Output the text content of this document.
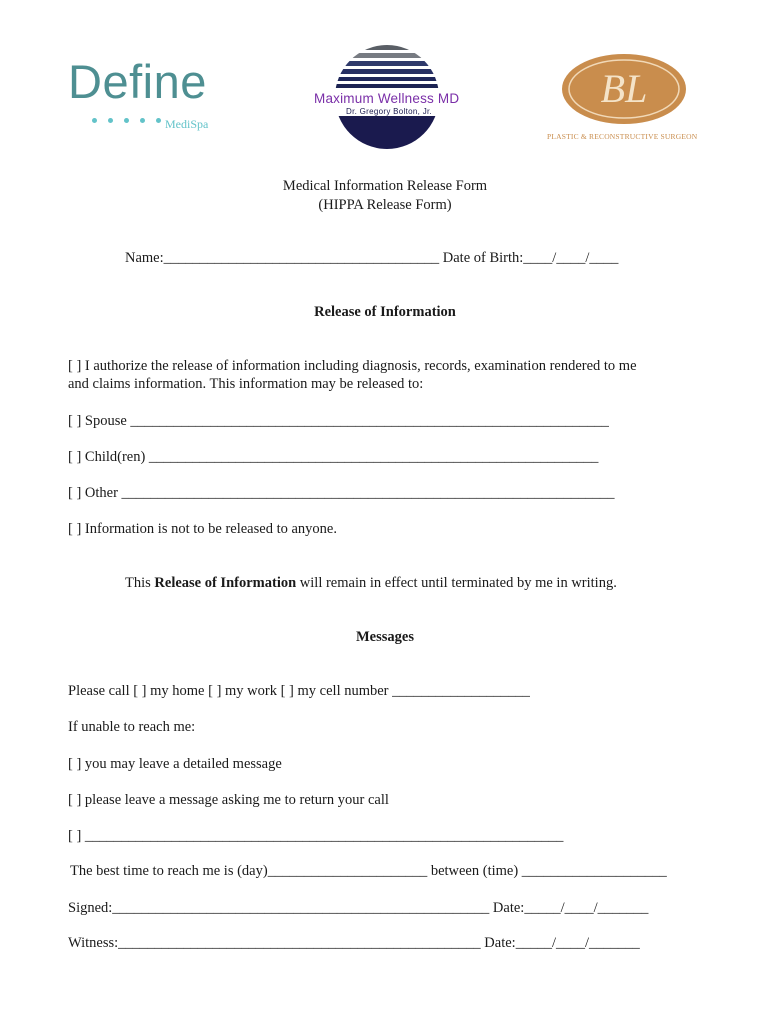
Define
MediSpa
Maximum Wellness MD
Dr. Gregory Bolton, Jr.
BL
PLASTIC & RECONSTRUCTIVE SURGEON
Medical Information Release Form
(HIPPA Release Form)
Name:______________________________________ Date of Birth:____/____/____
Release of Information
[ ] I authorize the release of information including diagnosis, records, examination rendered to me
and claims information. This information may be released to:
[ ] Spouse __________________________________________________________________
[ ] Child(ren) ______________________________________________________________
[ ] Other ____________________________________________________________________
[ ] Information is not to be released to anyone.
This Release of Information will remain in effect until terminated by me in writing.
Messages
Please call [ ] my home [ ] my work [ ] my cell number ___________________
If unable to reach me:
[ ] you may leave a detailed message
[ ] please leave a message asking me to return your call
[ ] __________________________________________________________________
The best time to reach me is (day)______________________ between (time) ____________________
Signed:____________________________________________________ Date:_____/____/_______
Witness:__________________________________________________ Date:_____/____/_______
